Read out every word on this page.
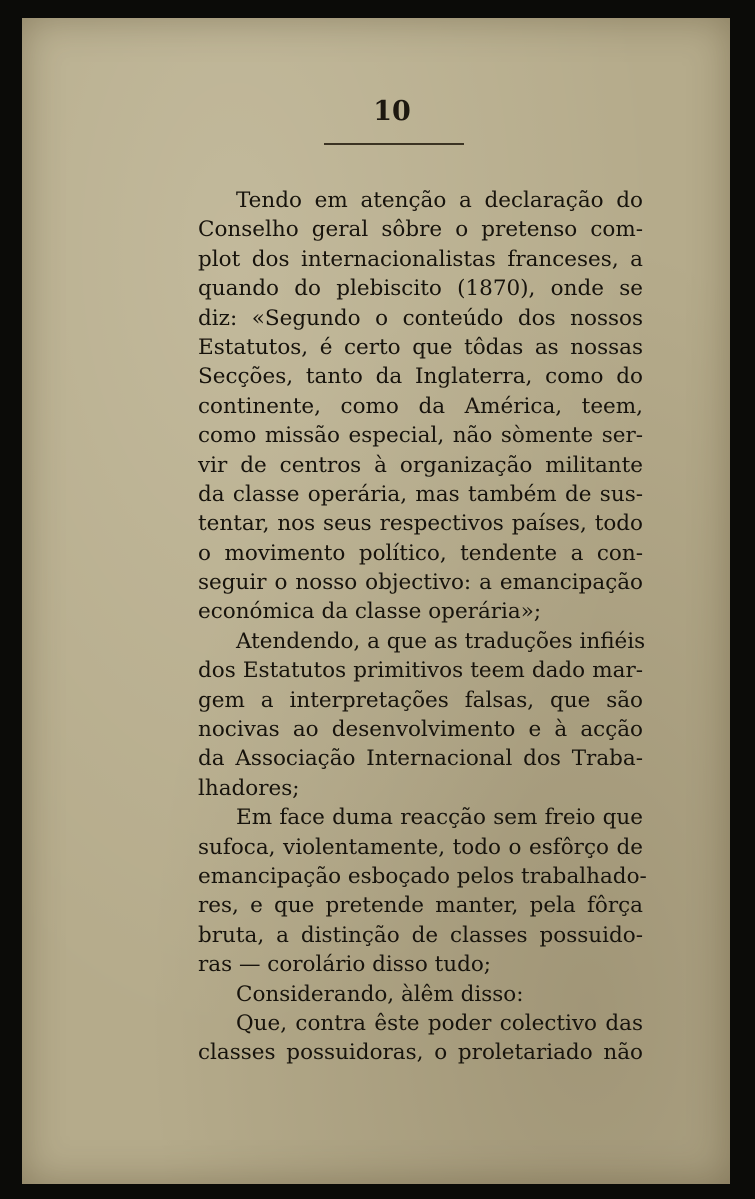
10
Tendo em atenção a declaração do
Conselho geral sôbre o pretenso com-
plot dos internacionalistas franceses, a
quando do plebiscito (1870), onde se
diz: «Segundo o conteúdo dos nossos
Estatutos, é certo que tôdas as nossas
Secções, tanto da Inglaterra, como do
continente, como da América, teem,
como missão especial, não sòmente ser-
vir de centros à organização militante
da classe operária, mas também de sus-
tentar, nos seus respectivos países, todo
o movimento político, tendente a con-
seguir o nosso objectivo: a emancipação
económica da classe operária»;
Atendendo, a que as traduções infiéis
dos Estatutos primitivos teem dado mar-
gem a interpretações falsas, que são
nocivas ao desenvolvimento e à acção
da Associação Internacional dos Traba-
lhadores;
Em face duma reacção sem freio que
sufoca, violentamente, todo o esfôrço de
emancipação esboçado pelos trabalhado-
res, e que pretende manter, pela fôrça
bruta, a distinção de classes possuido-
ras — corolário disso tudo;
Considerando, àlêm disso:
Que, contra êste poder colectivo das
classes possuidoras, o proletariado não
